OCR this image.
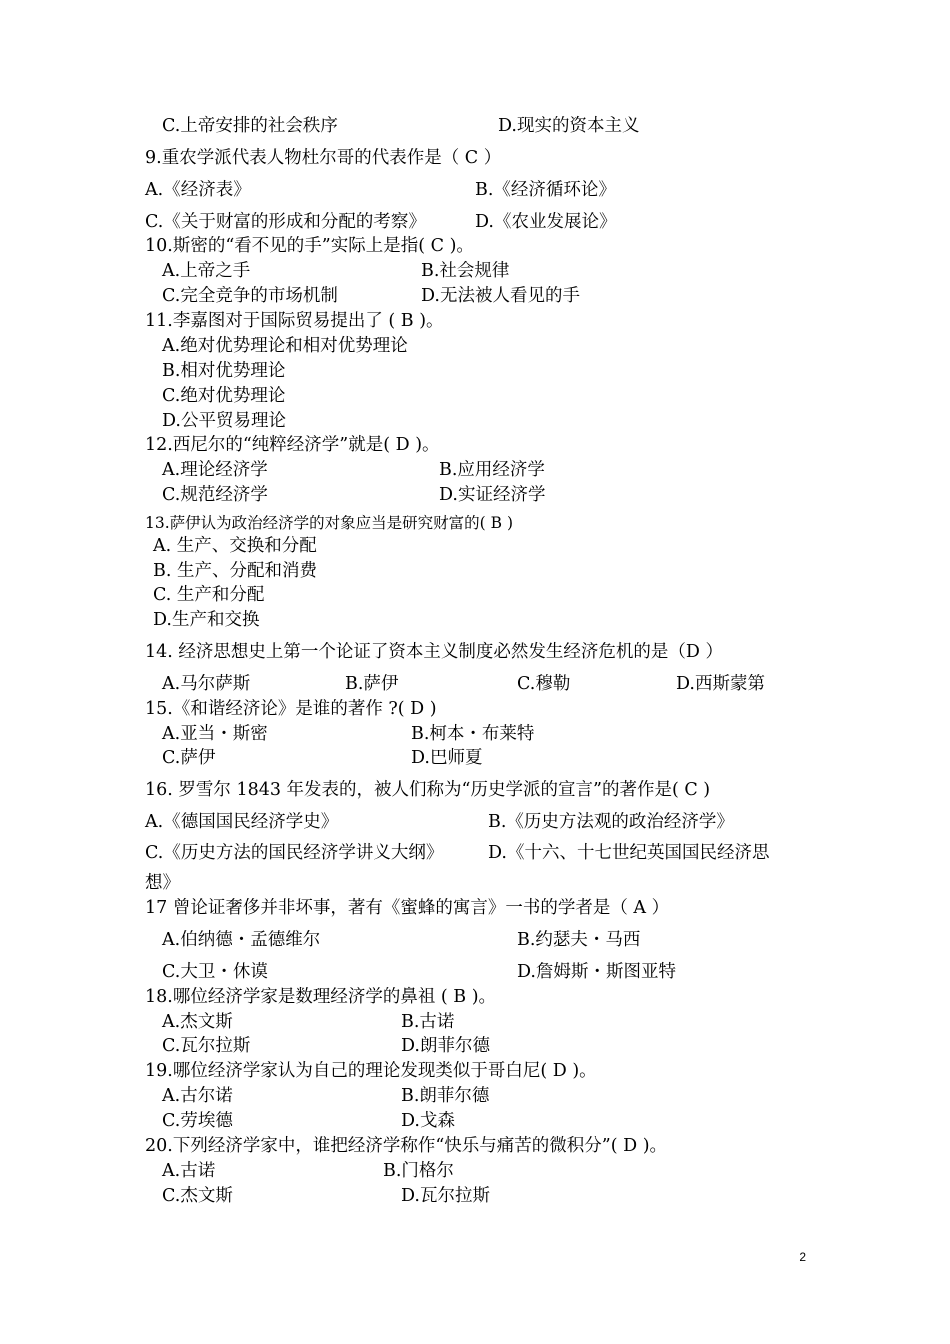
C.上帝安排的社会秩序	D.现实的资本主义
9.重农学派代表人物杜尔哥的代表作是（ C ）
A.《经济表》	B.《经济循环论》
C.《关于财富的形成和分配的考察》	D.《农业发展论》
10.斯密的“看不见的手”实际上是指( C )。
A.上帝之手	B.社会规律
C.完全竞争的市场机制	D.无法被人看见的手
11.李嘉图对于国际贸易提出了 ( B )。
A.绝对优势理论和相对优势理论
B.相对优势理论
C.绝对优势理论
D.公平贸易理论
12.西尼尔的“纯粹经济学”就是( D )。
A.理论经济学	B.应用经济学
C.规范经济学	D.实证经济学
13.萨伊认为政治经济学的对象应当是研究财富的( B )
A. 生产、交换和分配
B. 生产、分配和消费
C. 生产和分配
D.生产和交换
14. 经济思想史上第一个论证了资本主义制度必然发生经济危机的是（D ）
A.马尔萨斯	B.萨伊	C.穆勒	D.西斯蒙第
15.《和谐经济论》是谁的著作 ?( D )
A.亚当・斯密	B.柯本・布莱特
C.萨伊	D.巴师夏
16. 罗雪尔 1843 年发表的，被人们称为“历史学派的宣言”的著作是( C )
A.《德国国民经济学史》	B.《历史方法观的政治经济学》
C.《历史方法的国民经济学讲义大纲》	D.《十六、十七世纪英国国民经济思
想》
17 曾论证奢侈并非坏事，著有《蜜蜂的寓言》一书的学者是（ A ）
A.伯纳德・孟德维尔	B.约瑟夫・马西
C.大卫・休谟	D.詹姆斯・斯图亚特
18.哪位经济学家是数理经济学的鼻祖 ( B )。
A.杰文斯	B.古诺
C.瓦尔拉斯	D.朗菲尔德
19.哪位经济学家认为自己的理论发现类似于哥白尼( D )。
A.古尔诺	B.朗菲尔德
C.劳埃德	D.戈森
20.下列经济学家中，谁把经济学称作“快乐与痛苦的微积分”( D )。
A.古诺	B.门格尔
C.杰文斯	D.瓦尔拉斯
2
